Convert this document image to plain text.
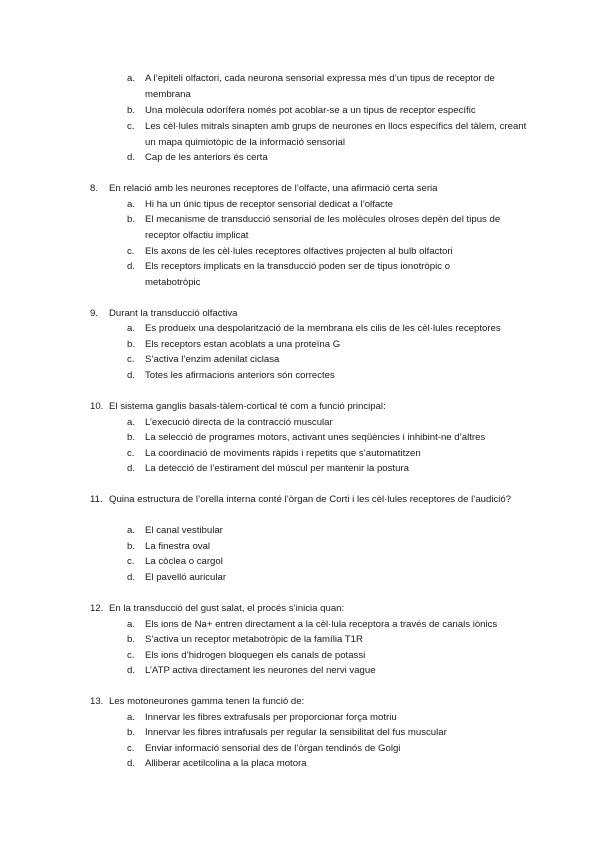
a.	A l’epiteli olfactori, cada neurona sensorial expressa més d’un tipus de receptor de membrana
b.	Una molècula odorífera només pot acoblar-se a un tipus de receptor específic
c.	Les cèl·lules mitrals sinapten amb grups de neurones en llocs específics del tàlem, creant un mapa quimiotòpic de la informació sensorial
d.	Cap de les anteriors és certa
8.	En relació amb les neurones receptores de l’olfacte, una afirmació certa seria
a.	Hi ha un únic tipus de receptor sensorial dedicat a l’olfacte
b.	El mecanisme de transducció sensorial de les molècules olroses depèn del tipus de receptor olfactiu implicat
c.	Els axons de les cèl·lules receptores olfactives projecten al bulb olfactori
d.	Els receptors implicats en la transducció poden ser de tipus ionotròpic o metabotròpic
9.	Durant la transducció olfactiva
a.	Es produeix una despolarització de la membrana els cilis de les cèl·lules receptores
b.	Els receptors estan acoblats a una proteïna G
c.	S’activa l’enzim adenilat ciclasa
d.	Totes les afirmacions anteriors són correctes
10. El sistema ganglis basals-tàlem-cortical té com a funció principal:
a.	L’execució directa de la contracció muscular
b.	La selecció de programes motors, activant unes seqüències i inhibint-ne d’altres
c.	La coordinació de moviments ràpids i repetits que s’automatitzen
d.	La detecció de l’estirament del múscul per mantenir la postura
11. Quina estructura de l’orella interna conté l’òrgan de Corti i les cèl·lules receptores de l’audició?
a.	El canal vestibular
b.	La finestra oval
c.	La còclea o cargol
d.	El pavelló auricular
12. En la transducció del gust salat, el procés s’inicia quan:
a.	Els ions de Na+ entren directament a la cèl·lula receptora a través de canals iònics
b.	S’activa un receptor metabotròpic de la família T1R
c.	Els ions d’hidrogen bloquegen els canals de potassi
d.	L’ATP activa directament les neurones del nervi vague
13. Les motoneurones gamma tenen la funció de:
a.	Innervar les fibres extrafusals per proporcionar força motriu
b.	Innervar les fibres intrafusals per regular la sensibilitat del fus muscular
c.	Enviar informació sensorial des de l’òrgan tendinós de Golgi
d.	Alliberar acetilcolina a la placa motora
